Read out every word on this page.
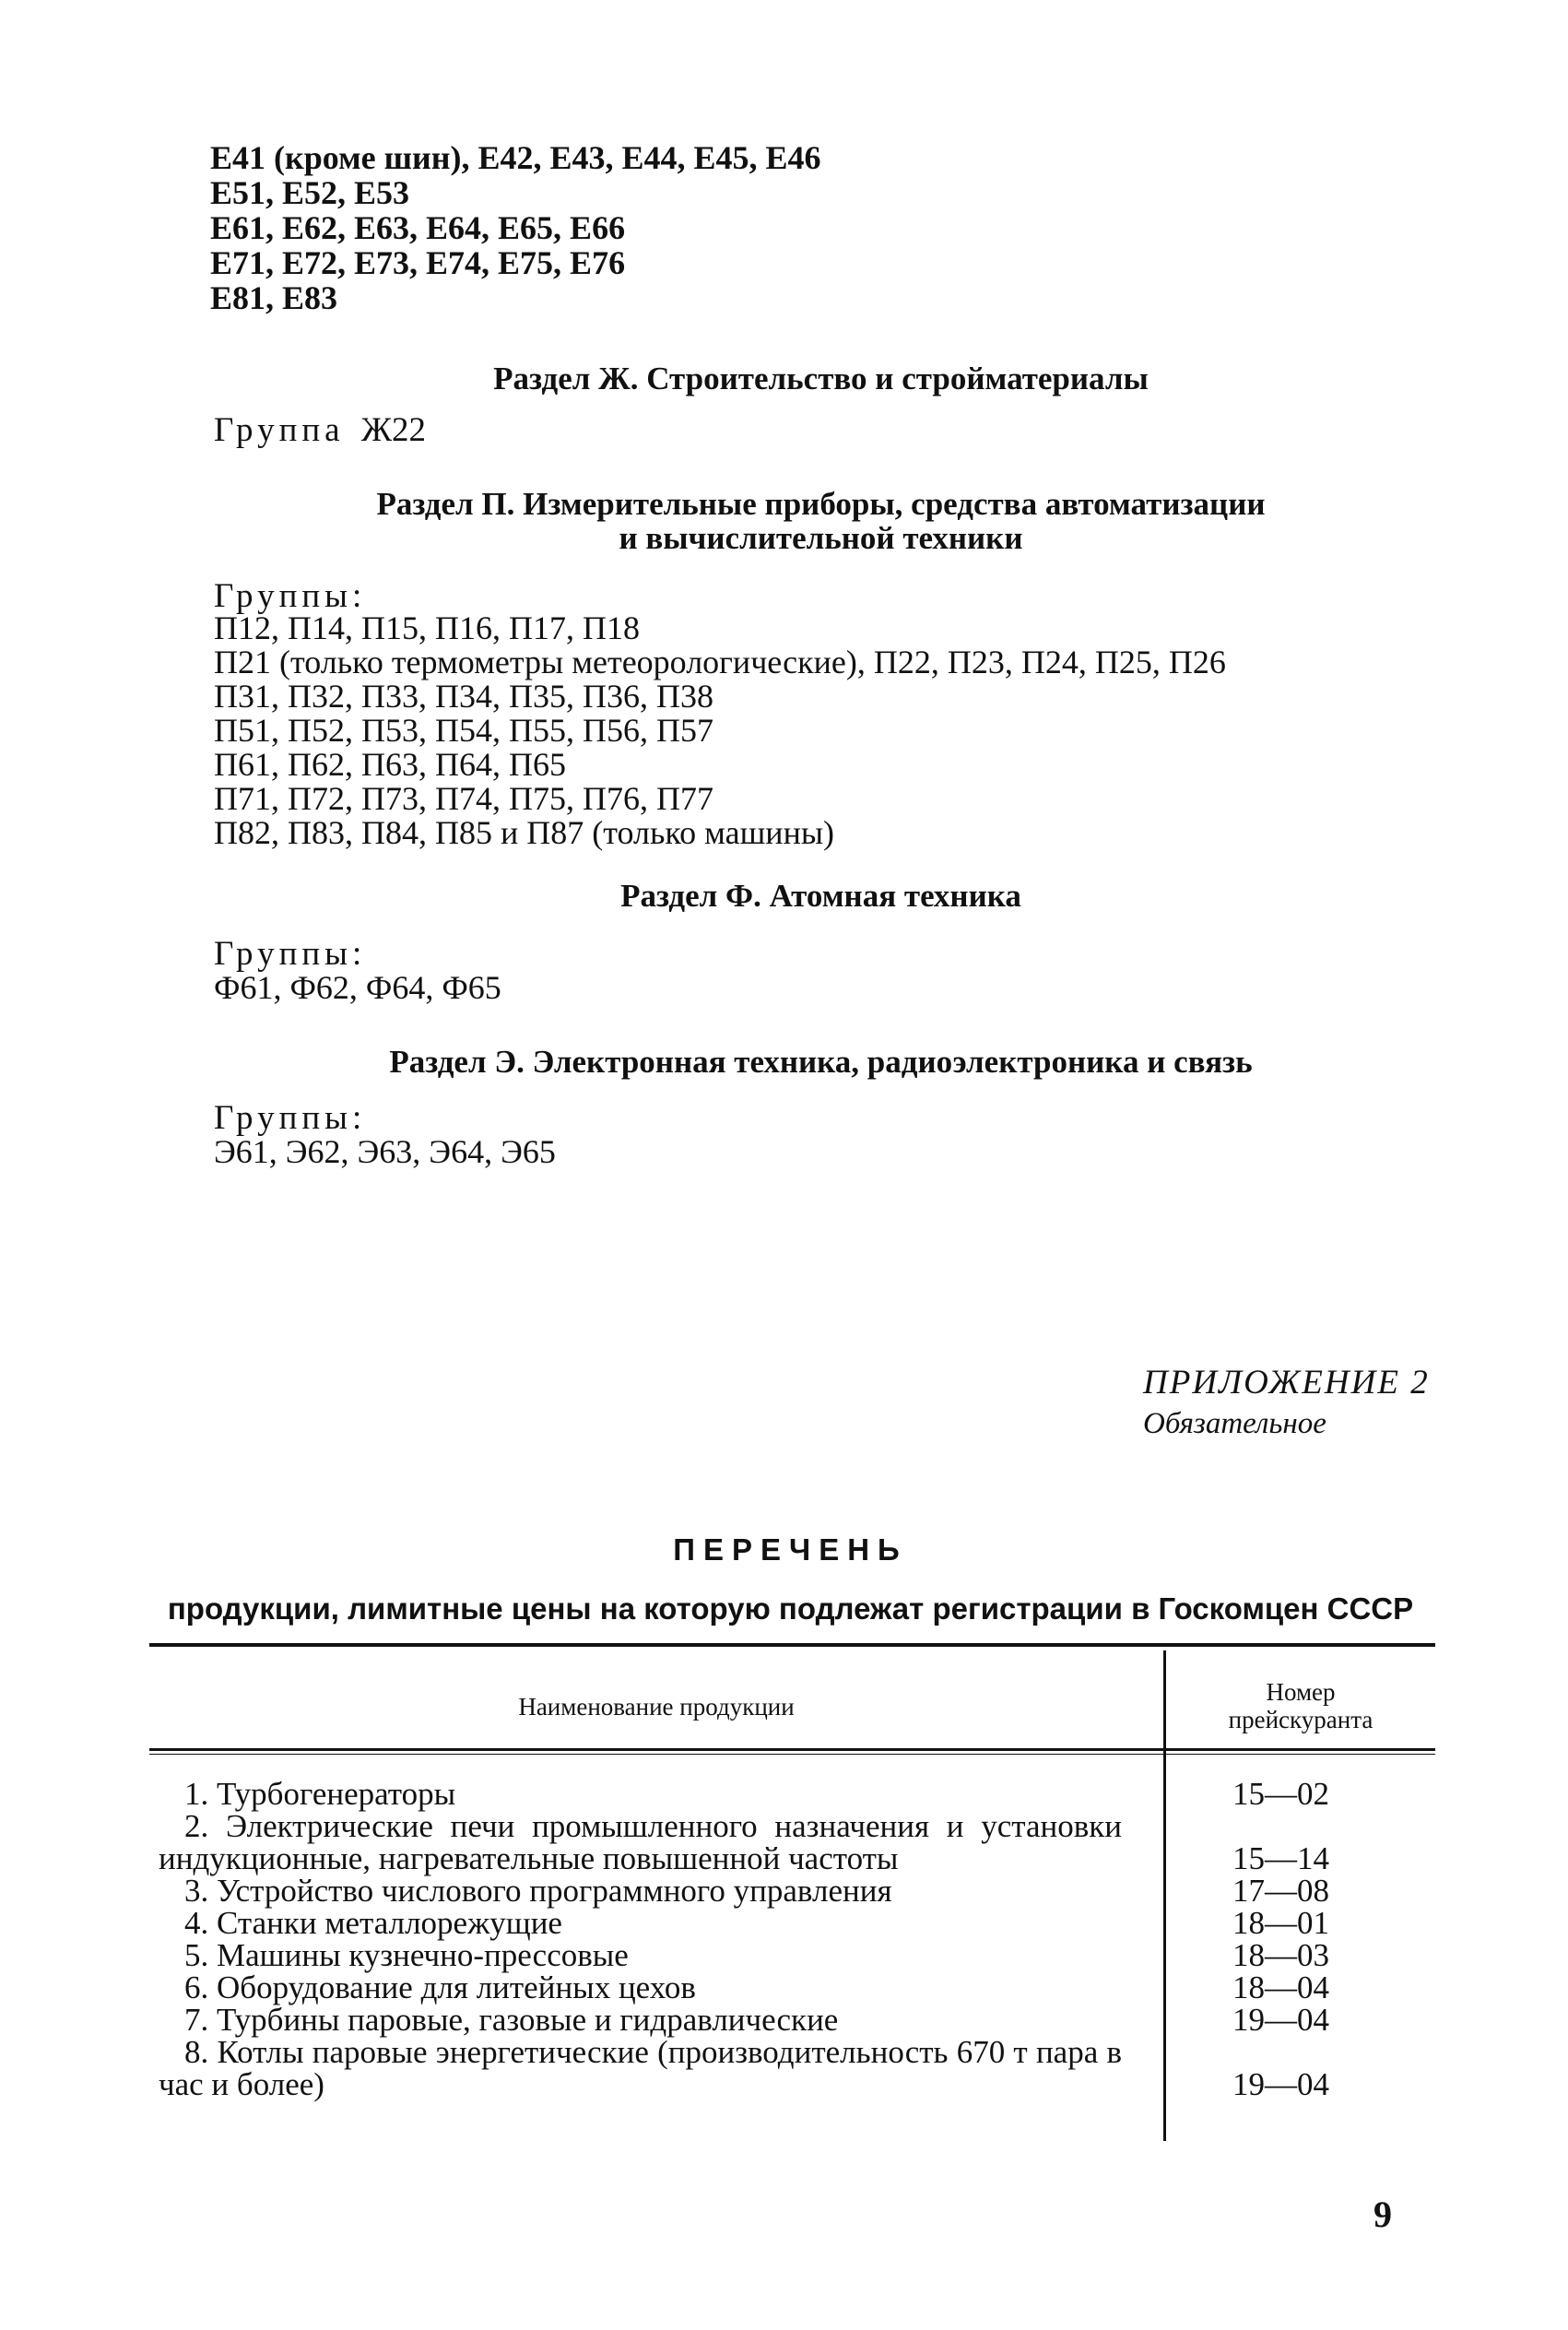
Е41 (кроме шин), Е42, Е43, Е44, Е45, Е46
Е51, Е52, Е53
Е61, Е62, Е63, Е64, Е65, Е66
Е71, Е72, Е73, Е74, Е75, Е76
Е81, Е83
Раздел Ж. Строительство и стройматериалы
Группа Ж22
Раздел П. Измерительные приборы, средства автоматизации
и вычислительной техники
Группы:
П12, П14, П15, П16, П17, П18
П21 (только термометры метеорологические), П22, П23, П24, П25, П26
П31, П32, П33, П34, П35, П36, П38
П51, П52, П53, П54, П55, П56, П57
П61, П62, П63, П64, П65
П71, П72, П73, П74, П75, П76, П77
П82, П83, П84, П85 и П87 (только машины)
Раздел Ф. Атомная техника
Группы:
Ф61, Ф62, Ф64, Ф65
Раздел Э. Электронная техника, радиоэлектроника и связь
Группы:
Э61, Э62, Э63, Э64, Э65
ПРИЛОЖЕНИЕ 2
Обязательное
ПЕРЕЧЕНЬ
продукции, лимитные цены на которую подлежат регистрации в Госкомцен СССР
Наименование продукции
Номер
прейскуранта
1. Турбогенераторы	15—02
2. Электрические печи промышленного назначения и установки индукционные, нагревательные повышенной частоты	15—14
3. Устройство числового программного управления	17—08
4. Станки металлорежущие	18—01
5. Машины кузнечно-прессовые	18—03
6. Оборудование для литейных цехов	18—04
7. Турбины паровые, газовые и гидравлические	19—04
8. Котлы паровые энергетические (производительность 670 т пара в час и более)	19—04
9
